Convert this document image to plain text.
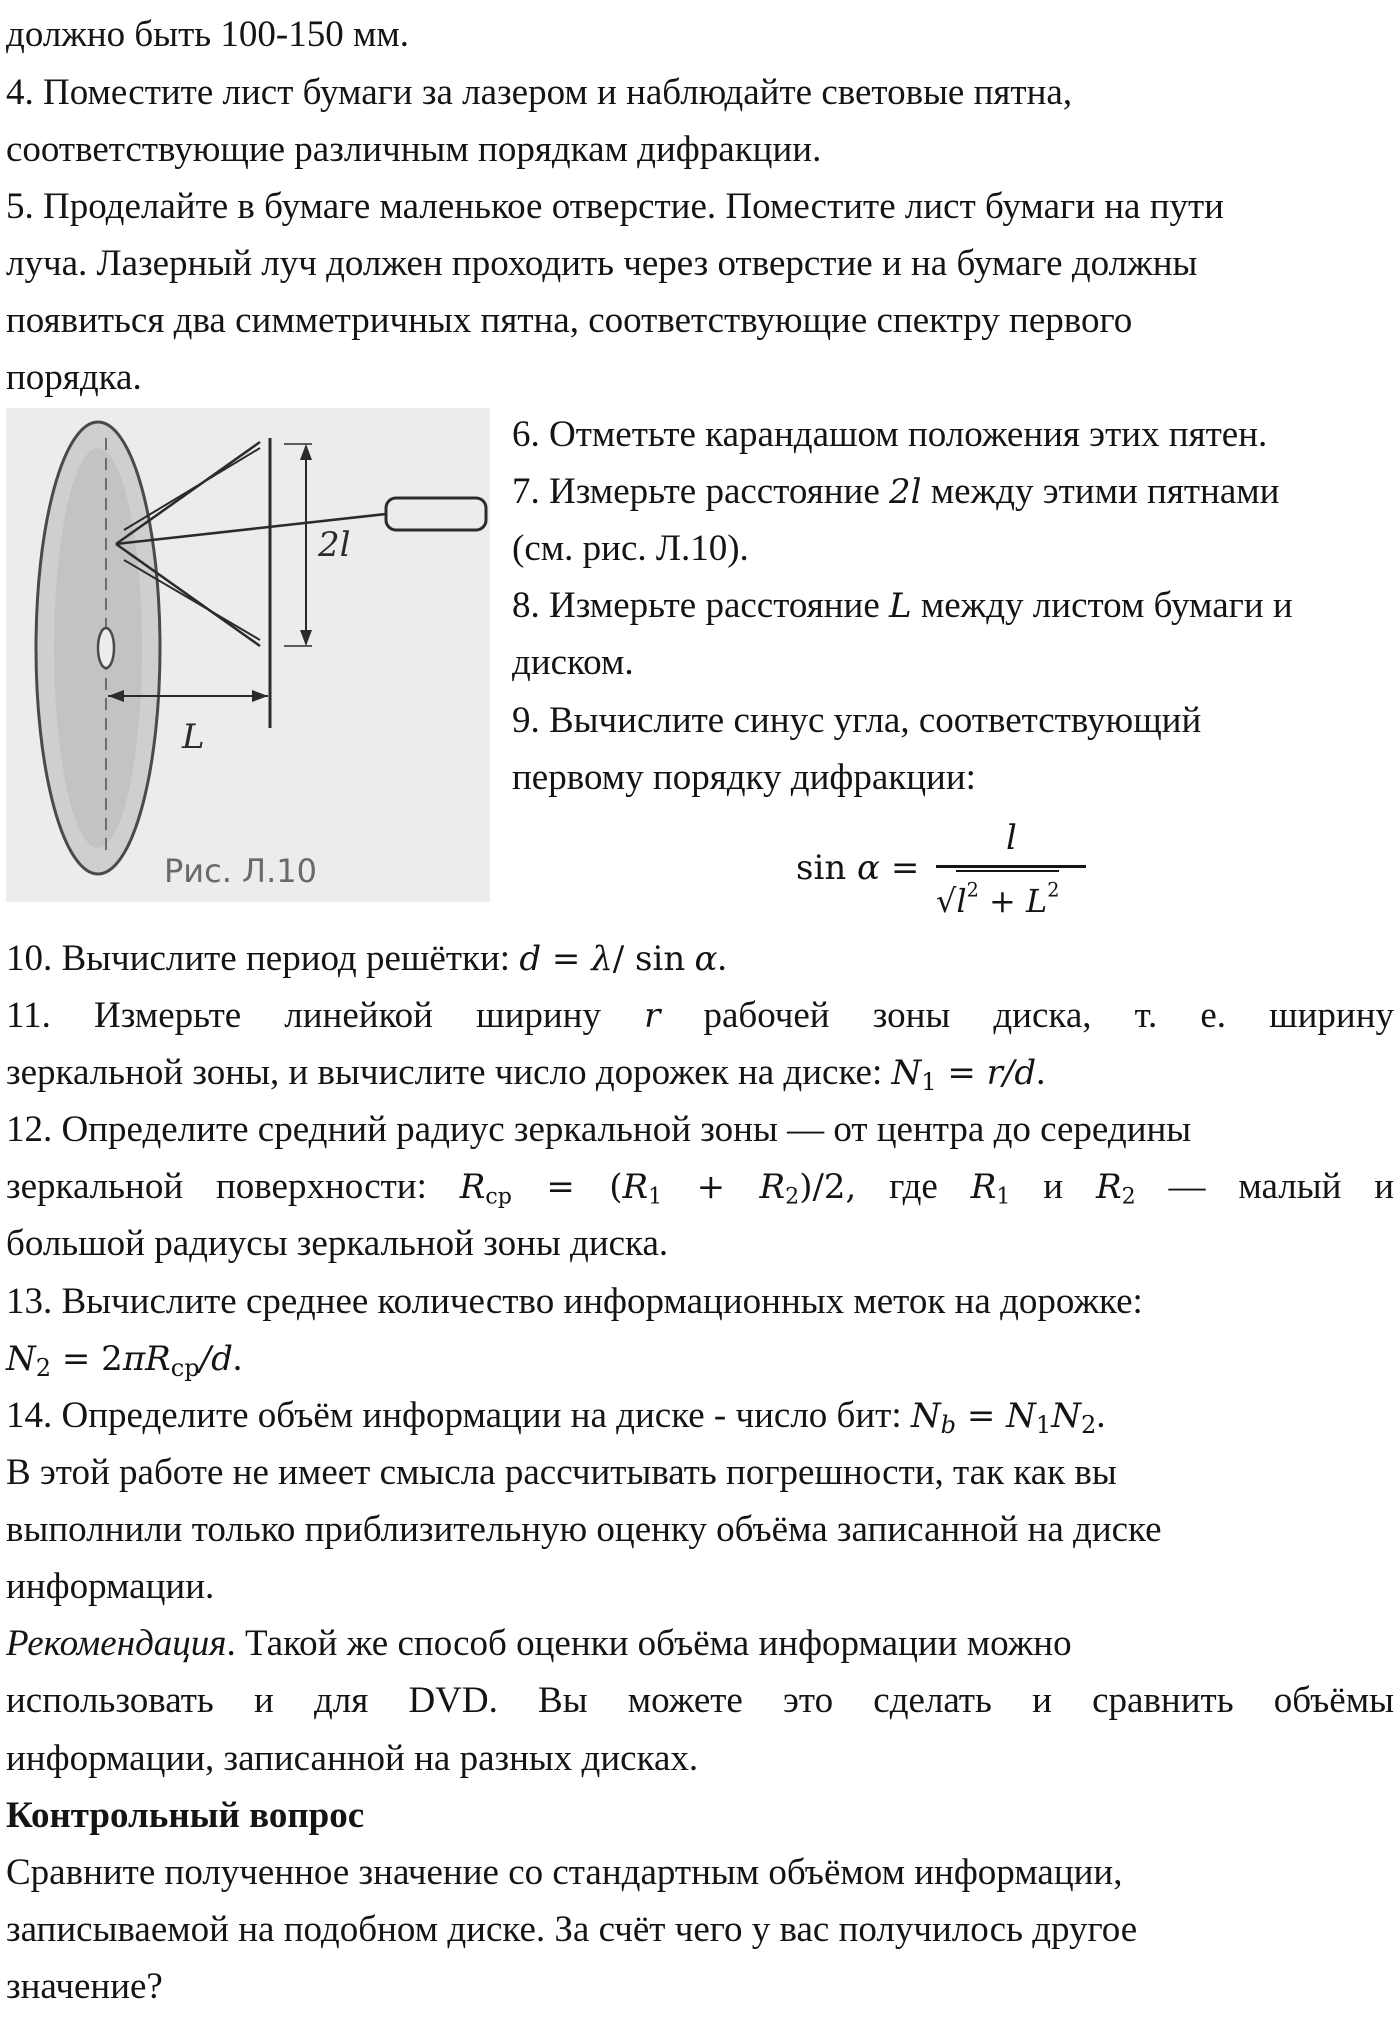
должно быть 100-150 мм.
4. Поместите лист бумаги за лазером и наблюдайте световые пятна,
соответствующие различным порядкам дифракции.
5. Проделайте в бумаге маленькое отверстие. Поместите лист бумаги на пути
луча. Лазерный луч должен проходить через отверстие и на бумаге должны
появиться два симметричных пятна, соответствующие спектру первого
порядка.
2l
L
Рис. Л.10
6. Отметьте карандашом положения этих пятен.
7. Измерьте расстояние 2l между этими пятнами
(см. рис. Л.10).
8. Измерьте расстояние L между листом бумаги и
диском.
9. Вычислите синус угла, соответствующий
первому порядку дифракции:
sin α =
l
$√l^2 + L^2$
10. Вычислите период решётки: d = λ/ sin α.
11. Измерьте линейкой ширину r рабочей зоны диска, т. е. ширину
зеркальной зоны, и вычислите число дорожек на диске: $N_1 = r/d$.
12. Определите средний радиус зеркальной зоны — от центра до середины
зеркальной поверхности: $R_{ср} = (R_1 + R_2)/2$, где $R_1$ и $R_2$ — малый и
большой радиусы зеркальной зоны диска.
13. Вычислите среднее количество информационных меток на дорожке:
$N_2 = 2\pi R_{ср}/d$.
14. Определите объём информации на диске - число бит: $N_b = N_1N_2$.
В этой работе не имеет смысла рассчитывать погрешности, так как вы
выполнили только приблизительную оценку объёма записанной на диске
информации.
Рекомендация. Такой же способ оценки объёма информации можно
использовать и для DVD. Вы можете это сделать и сравнить объёмы
информации, записанной на разных дисках.
Контрольный вопрос
Сравните полученное значение со стандартным объёмом информации,
записываемой на подобном диске. За счёт чего у вас получилось другое
значение?
